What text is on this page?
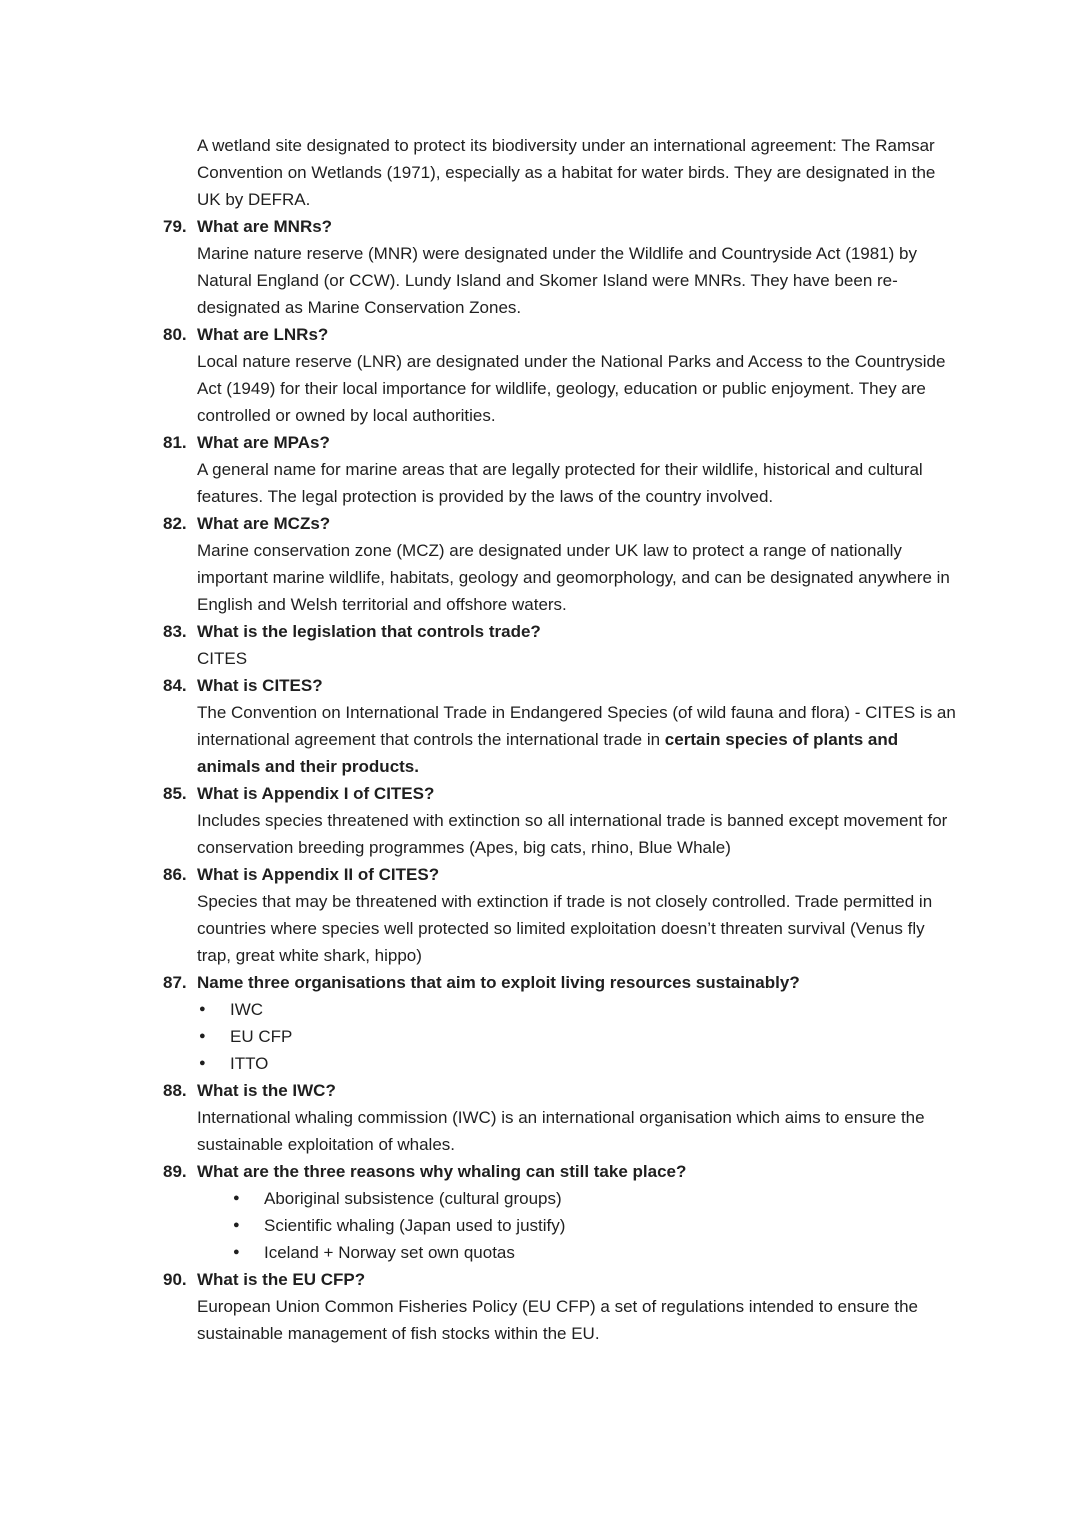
A wetland site designated to protect its biodiversity under an international agreement: The Ramsar Convention on Wetlands (1971), especially as a habitat for water birds. They are designated in the UK by DEFRA.

79. What are MNRs?

Marine nature reserve (MNR) were designated under the Wildlife and Countryside Act (1981) by Natural England (or CCW). Lundy Island and Skomer Island were MNRs. They have been re-designated as Marine Conservation Zones.

80. What are LNRs?

Local nature reserve (LNR) are designated under the National Parks and Access to the Countryside Act (1949) for their local importance for wildlife, geology, education or public enjoyment. They are controlled or owned by local authorities.

81. What are MPAs?

A general name for marine areas that are legally protected for their wildlife, historical and cultural features. The legal protection is provided by the laws of the country involved.

82. What are MCZs?

Marine conservation zone (MCZ) are designated under UK law to protect a range of nationally important marine wildlife, habitats, geology and geomorphology, and can be designated anywhere in English and Welsh territorial and offshore waters.

83. What is the legislation that controls trade?

CITES

84. What is CITES?

The Convention on International Trade in Endangered Species (of wild fauna and flora) - CITES is an international agreement that controls the international trade in certain species of plants and animals and their products.

85. What is Appendix I of CITES?

Includes species threatened with extinction so all international trade is banned except movement for conservation breeding programmes (Apes, big cats, rhino, Blue Whale)

86. What is Appendix II of CITES?

Species that may be threatened with extinction if trade is not closely controlled. Trade permitted in countries where species well protected so limited exploitation doesn’t threaten survival (Venus fly trap, great white shark, hippo)

87. Name three organisations that aim to exploit living resources sustainably?

● IWC
● EU CFP
● ITTO

88. What is the IWC?

International whaling commission (IWC) is an international organisation which aims to ensure the sustainable exploitation of whales.

89. What are the three reasons why whaling can still take place?

● Aboriginal subsistence (cultural groups)
● Scientific whaling (Japan used to justify)
● Iceland + Norway set own quotas

90. What is the EU CFP?

European Union Common Fisheries Policy (EU CFP) a set of regulations intended to ensure the sustainable management of fish stocks within the EU.
